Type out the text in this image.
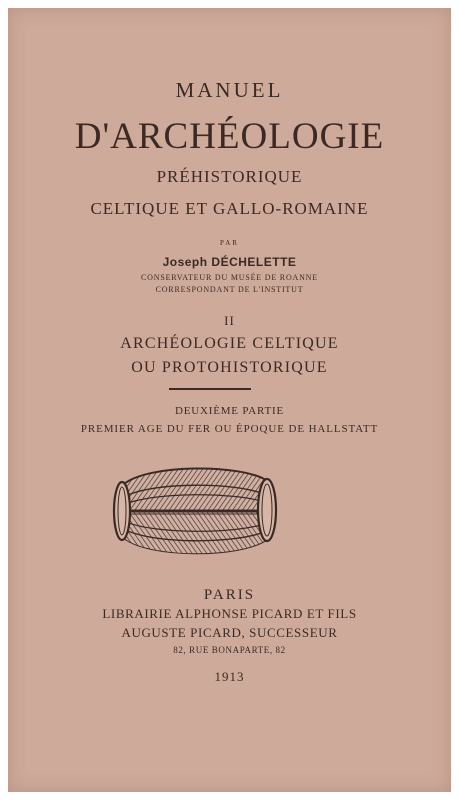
MANUEL
D'ARCHÉOLOGIE
PRÉHISTORIQUE
CELTIQUE ET GALLO-ROMAINE
PAR
Joseph DÉCHELETTE
CONSERVATEUR DU MUSÉE DE ROANNE
CORRESPONDANT DE L'INSTITUT
II
ARCHÉOLOGIE CELTIQUE
OU PROTOHISTORIQUE
DEUXIÈME PARTIE
PREMIER AGE DU FER OU ÉPOQUE DE HALLSTATT
PARIS
LIBRAIRIE ALPHONSE PICARD ET FILS
AUGUSTE PICARD, SUCCESSEUR
82, RUE BONAPARTE, 82
1913
